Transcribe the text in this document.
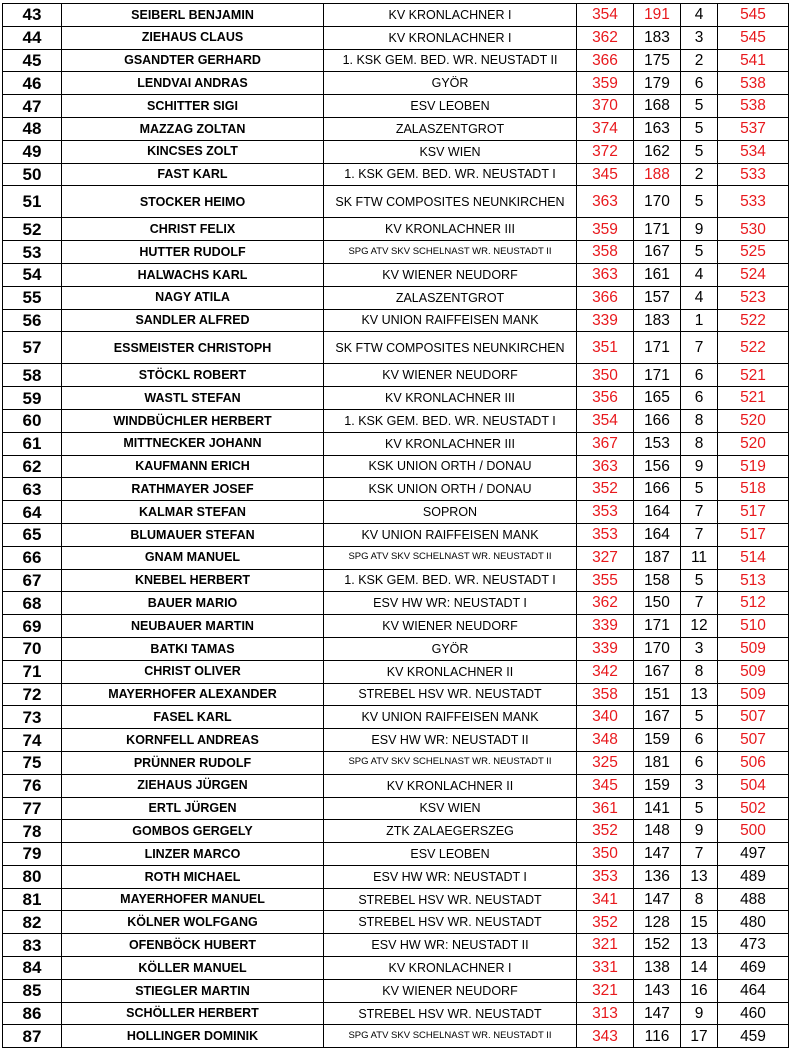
43	SEIBERL BENJAMIN	KV KRONLACHNER I	354	191	4	545
44	ZIEHAUS CLAUS	KV KRONLACHNER I	362	183	3	545
45	GSANDTER GERHARD	1. KSK GEM. BED. WR. NEUSTADT II	366	175	2	541
46	LENDVAI ANDRAS	GYÖR	359	179	6	538
47	SCHITTER SIGI	ESV LEOBEN	370	168	5	538
48	MAZZAG ZOLTAN	ZALASZENTGROT	374	163	5	537
49	KINCSES ZOLT	KSV WIEN	372	162	5	534
50	FAST KARL	1. KSK GEM. BED. WR. NEUSTADT I	345	188	2	533
51	STOCKER HEIMO	SK FTW COMPOSITES NEUNKIRCHEN	363	170	5	533
52	CHRIST FELIX	KV KRONLACHNER III	359	171	9	530
53	HUTTER RUDOLF	SPG ATV SKV SCHELNAST WR. NEUSTADT II	358	167	5	525
54	HALWACHS KARL	KV WIENER NEUDORF	363	161	4	524
55	NAGY ATILA	ZALASZENTGROT	366	157	4	523
56	SANDLER ALFRED	KV UNION RAIFFEISEN MANK	339	183	1	522
57	ESSMEISTER CHRISTOPH	SK FTW COMPOSITES NEUNKIRCHEN	351	171	7	522
58	STÖCKL ROBERT	KV WIENER NEUDORF	350	171	6	521
59	WASTL STEFAN	KV KRONLACHNER III	356	165	6	521
60	WINDBÜCHLER HERBERT	1. KSK GEM. BED. WR. NEUSTADT I	354	166	8	520
61	MITTNECKER JOHANN	KV KRONLACHNER III	367	153	8	520
62	KAUFMANN ERICH	KSK UNION ORTH / DONAU	363	156	9	519
63	RATHMAYER JOSEF	KSK UNION ORTH / DONAU	352	166	5	518
64	KALMAR STEFAN	SOPRON	353	164	7	517
65	BLUMAUER STEFAN	KV UNION RAIFFEISEN MANK	353	164	7	517
66	GNAM MANUEL	SPG ATV SKV SCHELNAST WR. NEUSTADT II	327	187	11	514
67	KNEBEL HERBERT	1. KSK GEM. BED. WR. NEUSTADT I	355	158	5	513
68	BAUER MARIO	ESV HW WR: NEUSTADT I	362	150	7	512
69	NEUBAUER MARTIN	KV WIENER NEUDORF	339	171	12	510
70	BATKI TAMAS	GYÖR	339	170	3	509
71	CHRIST OLIVER	KV KRONLACHNER II	342	167	8	509
72	MAYERHOFER ALEXANDER	STREBEL HSV WR. NEUSTADT	358	151	13	509
73	FASEL KARL	KV UNION RAIFFEISEN MANK	340	167	5	507
74	KORNFELL ANDREAS	ESV HW WR: NEUSTADT II	348	159	6	507
75	PRÜNNER RUDOLF	SPG ATV SKV SCHELNAST WR. NEUSTADT II	325	181	6	506
76	ZIEHAUS JÜRGEN	KV KRONLACHNER II	345	159	3	504
77	ERTL JÜRGEN	KSV WIEN	361	141	5	502
78	GOMBOS GERGELY	ZTK ZALAEGERSZEG	352	148	9	500
79	LINZER MARCO	ESV LEOBEN	350	147	7	497
80	ROTH MICHAEL	ESV HW WR: NEUSTADT I	353	136	13	489
81	MAYERHOFER MANUEL	STREBEL HSV WR. NEUSTADT	341	147	8	488
82	KÖLNER WOLFGANG	STREBEL HSV WR. NEUSTADT	352	128	15	480
83	OFENBÖCK HUBERT	ESV HW WR: NEUSTADT II	321	152	13	473
84	KÖLLER MANUEL	KV KRONLACHNER I	331	138	14	469
85	STIEGLER MARTIN	KV WIENER NEUDORF	321	143	16	464
86	SCHÖLLER HERBERT	STREBEL HSV WR. NEUSTADT	313	147	9	460
87	HOLLINGER DOMINIK	SPG ATV SKV SCHELNAST WR. NEUSTADT II	343	116	17	459
